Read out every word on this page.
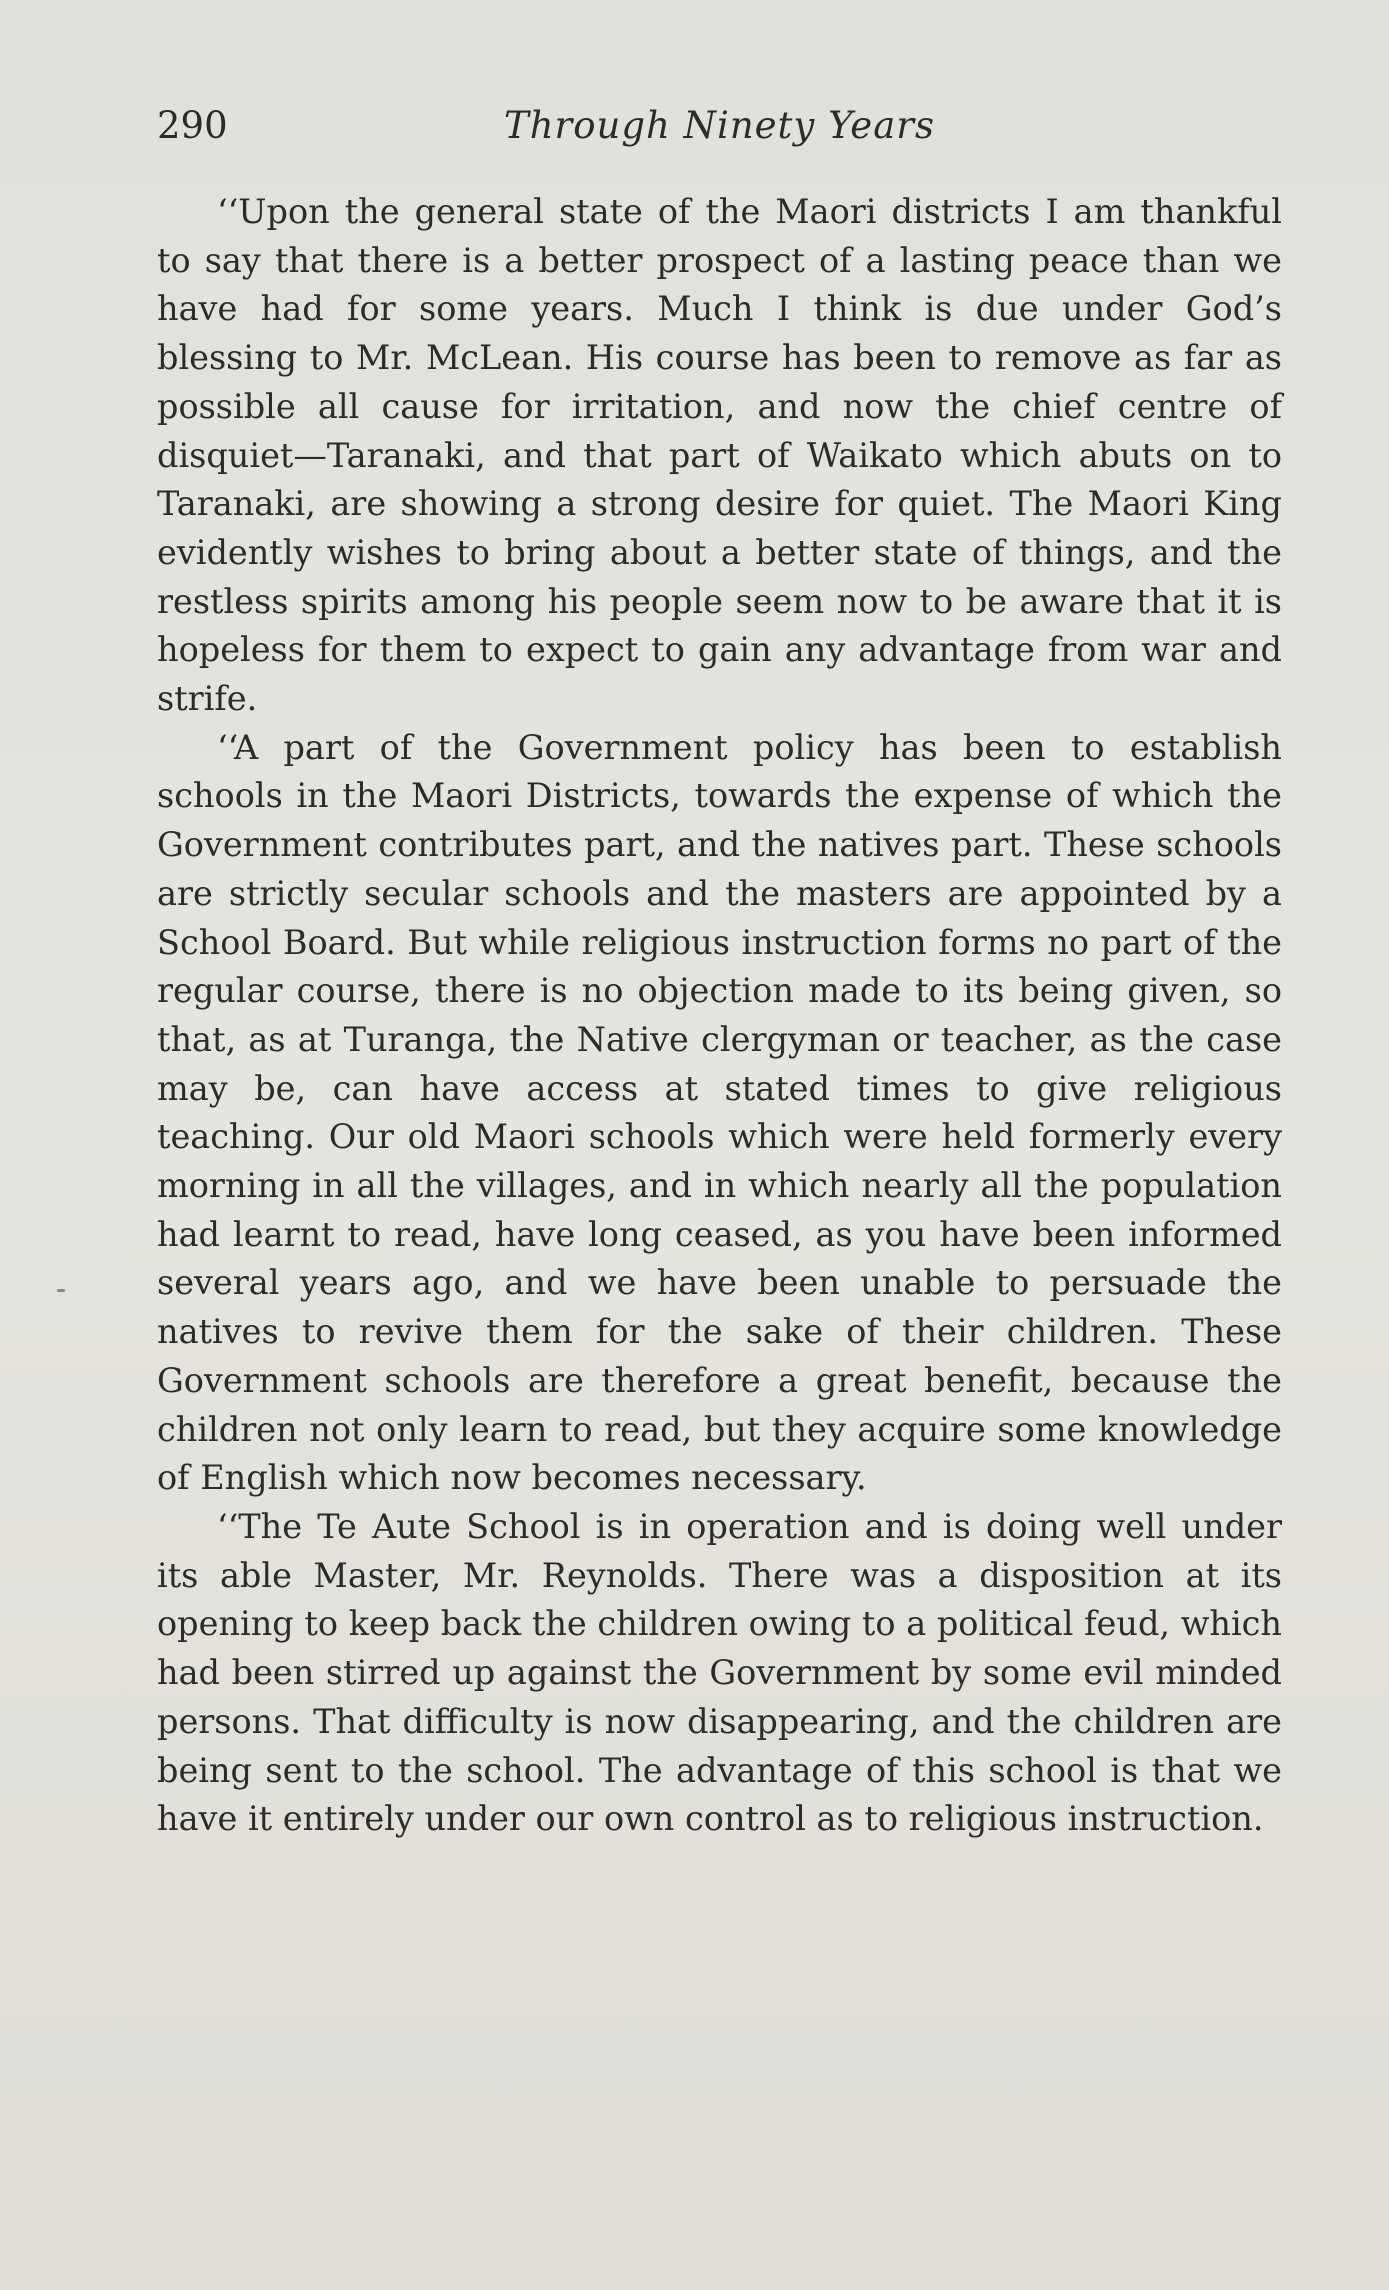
290	Through Ninety Years

‘‘Upon the general state of the Maori districts I am thankful to say that there is a better prospect of a lasting peace than we have had for some years. Much I think is due under God’s blessing to Mr. McLean. His course has been to remove as far as possible all cause for irritation, and now the chief centre of disquiet—Taranaki, and that part of Waikato which abuts on to Taranaki, are showing a strong desire for quiet. The Maori King evidently wishes to bring about a better state of things, and the restless spirits among his people seem now to be aware that it is hopeless for them to expect to gain any advantage from war and strife.

‘‘A part of the Government policy has been to establish schools in the Maori Districts, towards the expense of which the Government contributes part, and the natives part. These schools are strictly secular schools and the masters are appointed by a School Board. But while religious instruction forms no part of the regular course, there is no objection made to its being given, so that, as at Turanga, the Native clergyman or teacher, as the case may be, can have access at stated times to give religious teaching. Our old Maori schools which were held formerly every morning in all the villages, and in which nearly all the population had learnt to read, have long ceased, as you have been informed several years ago, and we have been unable to persuade the natives to revive them for the sake of their children. These Government schools are therefore a great benefit, because the children not only learn to read, but they acquire some knowledge of English which now becomes necessary.

‘‘The Te Aute School is in operation and is doing well under its able Master, Mr. Reynolds. There was a disposition at its opening to keep back the children owing to a political feud, which had been stirred up against the Government by some evil minded persons. That difficulty is now disappearing, and the children are being sent to the school. The advantage of this school is that we have it entirely under our own control as to religious instruction.
